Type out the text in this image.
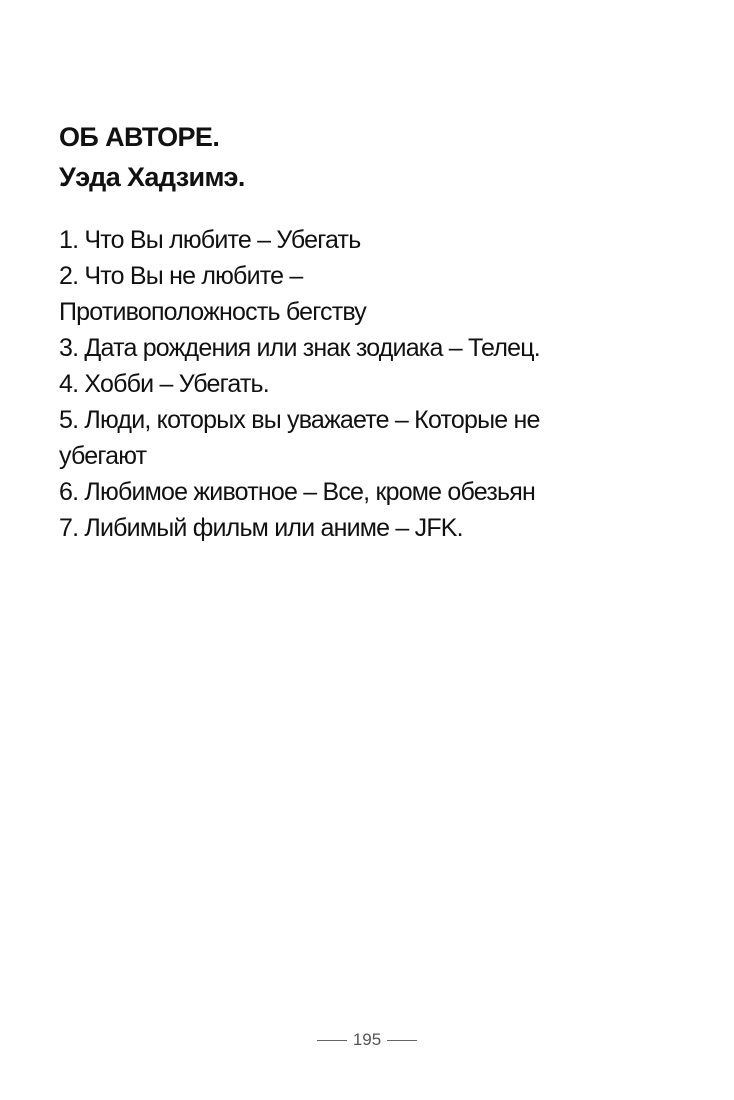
ОБ АВТОРЕ.
Уэда Хадзимэ.
1. Что Вы любите – Убегать
2. Что Вы не любите –
Противоположность бегству
3. Дата рождения или знак зодиака – Телец.
4. Хобби – Убегать.
5. Люди, которых вы уважаете – Которые не
убегают
6. Любимое животное – Все, кроме обезьян
7. Либимый фильм или аниме – JFK.
195
